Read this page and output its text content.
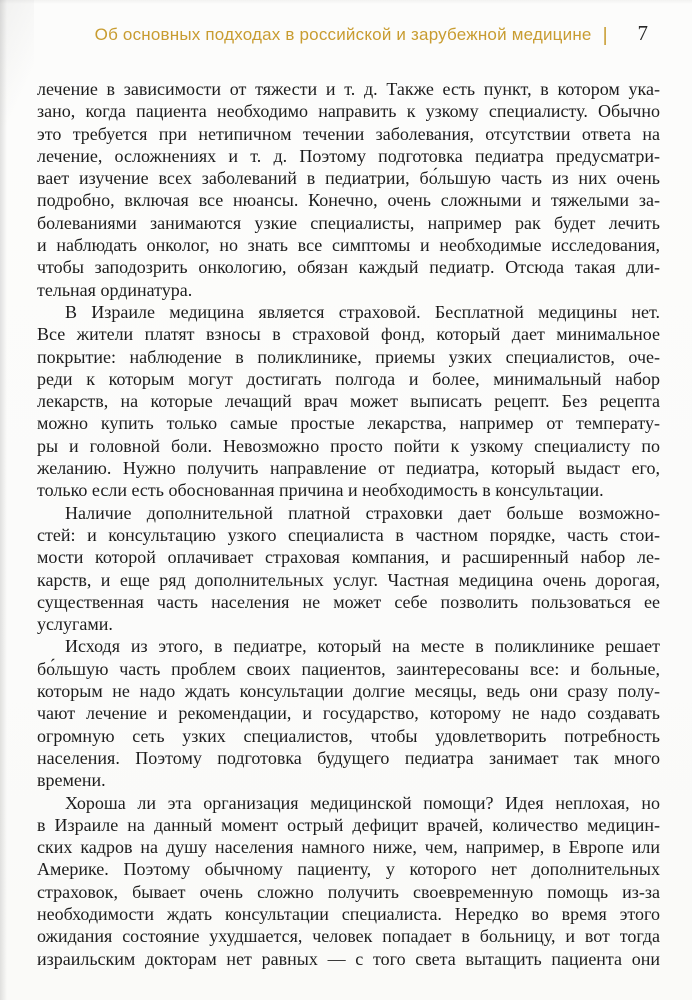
Об основных подходах в российской и зарубежной медицине | 7
лечение в зависимости от тяжести и т. д. Также есть пункт, в котором ука-
зано, когда пациента необходимо направить к узкому специалисту. Обычно
это требуется при нетипичном течении заболевания, отсутствии ответа на
лечение, осложнениях и т. д. Поэтому подготовка педиатра предусматри-
вает изучение всех заболеваний в педиатрии, бо́льшую часть из них очень
подробно, включая все нюансы. Конечно, очень сложными и тяжелыми за-
болеваниями занимаются узкие специалисты, например рак будет лечить
и наблюдать онколог, но знать все симптомы и необходимые исследования,
чтобы заподозрить онкологию, обязан каждый педиатр. Отсюда такая дли-
тельная ординатура.
В Израиле медицина является страховой. Бесплатной медицины нет.
Все жители платят взносы в страховой фонд, который дает минимальное
покрытие: наблюдение в поликлинике, приемы узких специалистов, оче-
реди к которым могут достигать полгода и более, минимальный набор
лекарств, на которые лечащий врач может выписать рецепт. Без рецепта
можно купить только самые простые лекарства, например от температу-
ры и головной боли. Невозможно просто пойти к узкому специалисту по
желанию. Нужно получить направление от педиатра, который выдаст его,
только если есть обоснованная причина и необходимость в консультации.
Наличие дополнительной платной страховки дает больше возможно-
стей: и консультацию узкого специалиста в частном порядке, часть стои-
мости которой оплачивает страховая компания, и расширенный набор ле-
карств, и еще ряд дополнительных услуг. Частная медицина очень дорогая,
существенная часть населения не может себе позволить пользоваться ее
услугами.
Исходя из этого, в педиатре, который на месте в поликлинике решает
бо́льшую часть проблем своих пациентов, заинтересованы все: и больные,
которым не надо ждать консультации долгие месяцы, ведь они сразу полу-
чают лечение и рекомендации, и государство, которому не надо создавать
огромную сеть узких специалистов, чтобы удовлетворить потребность
населения. Поэтому подготовка будущего педиатра занимает так много
времени.
Хороша ли эта организация медицинской помощи? Идея неплохая, но
в Израиле на данный момент острый дефицит врачей, количество медицин-
ских кадров на душу населения намного ниже, чем, например, в Европе или
Америке. Поэтому обычному пациенту, у которого нет дополнительных
страховок, бывает очень сложно получить своевременную помощь из-за
необходимости ждать консультации специалиста. Нередко во время этого
ожидания состояние ухудшается, человек попадает в больницу, и вот тогда
израильским докторам нет равных — с того света вытащить пациента они
